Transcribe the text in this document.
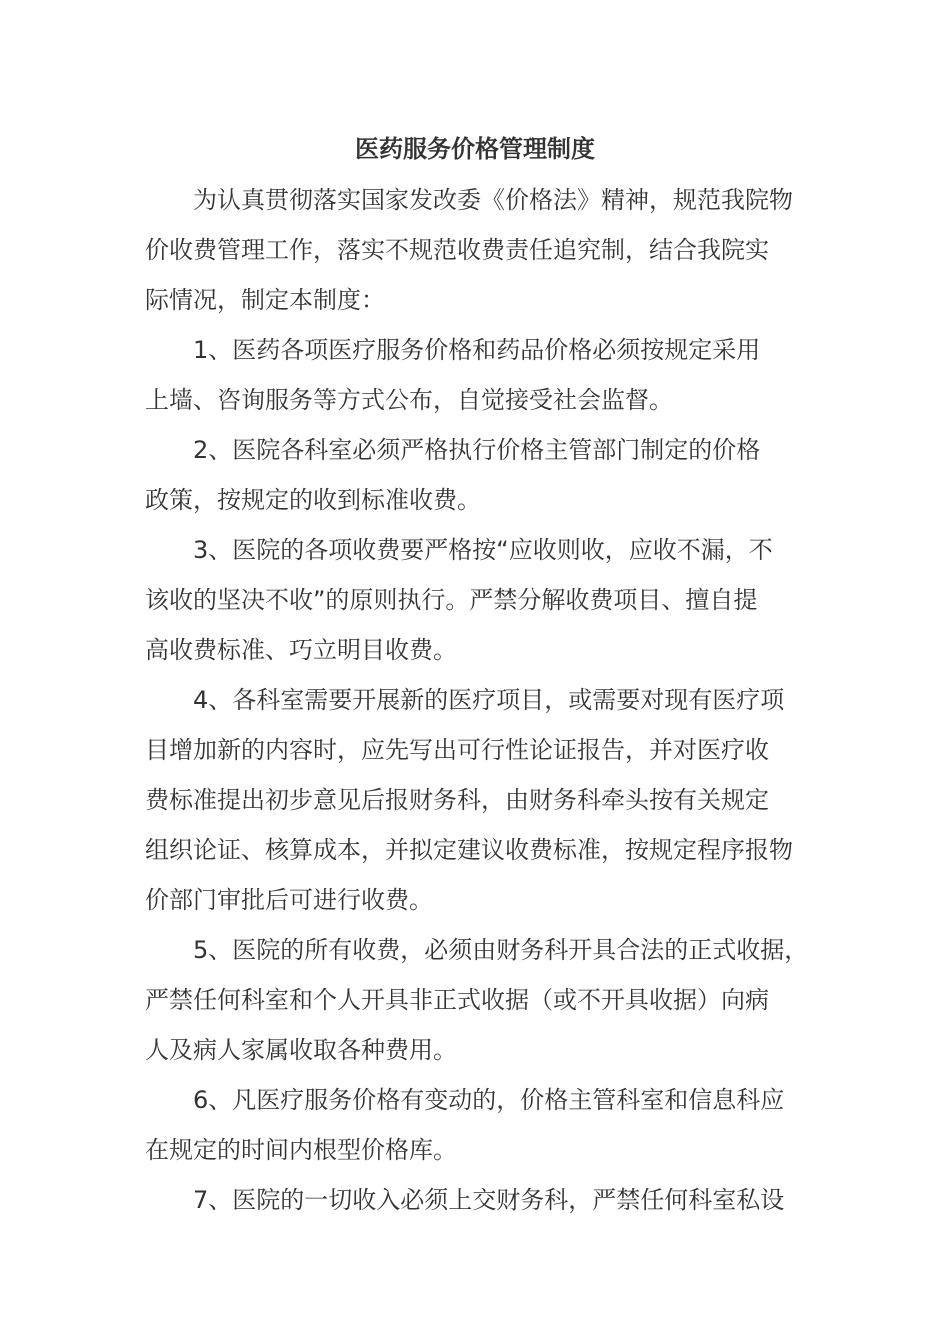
医药服务价格管理制度
为认真贯彻落实国家发改委《价格法》精神，规范我院物
价收费管理工作，落实不规范收费责任追究制，结合我院实
际情况，制定本制度：
1、医药各项医疗服务价格和药品价格必须按规定采用
上墙、咨询服务等方式公布，自觉接受社会监督。
2、医院各科室必须严格执行价格主管部门制定的价格
政策，按规定的收到标准收费。
3、医院的各项收费要严格按“应收则收，应收不漏，不
该收的坚决不收”的原则执行。严禁分解收费项目、擅自提
高收费标准、巧立明目收费。
4、各科室需要开展新的医疗项目，或需要对现有医疗项
目增加新的内容时，应先写出可行性论证报告，并对医疗收
费标准提出初步意见后报财务科，由财务科牵头按有关规定
组织论证、核算成本，并拟定建议收费标准，按规定程序报物
价部门审批后可进行收费。
5、医院的所有收费，必须由财务科开具合法的正式收据，
严禁任何科室和个人开具非正式收据（或不开具收据）向病
人及病人家属收取各种费用。
6、凡医疗服务价格有变动的，价格主管科室和信息科应
在规定的时间内根型价格库。
7、医院的一切收入必须上交财务科，严禁任何科室私设
